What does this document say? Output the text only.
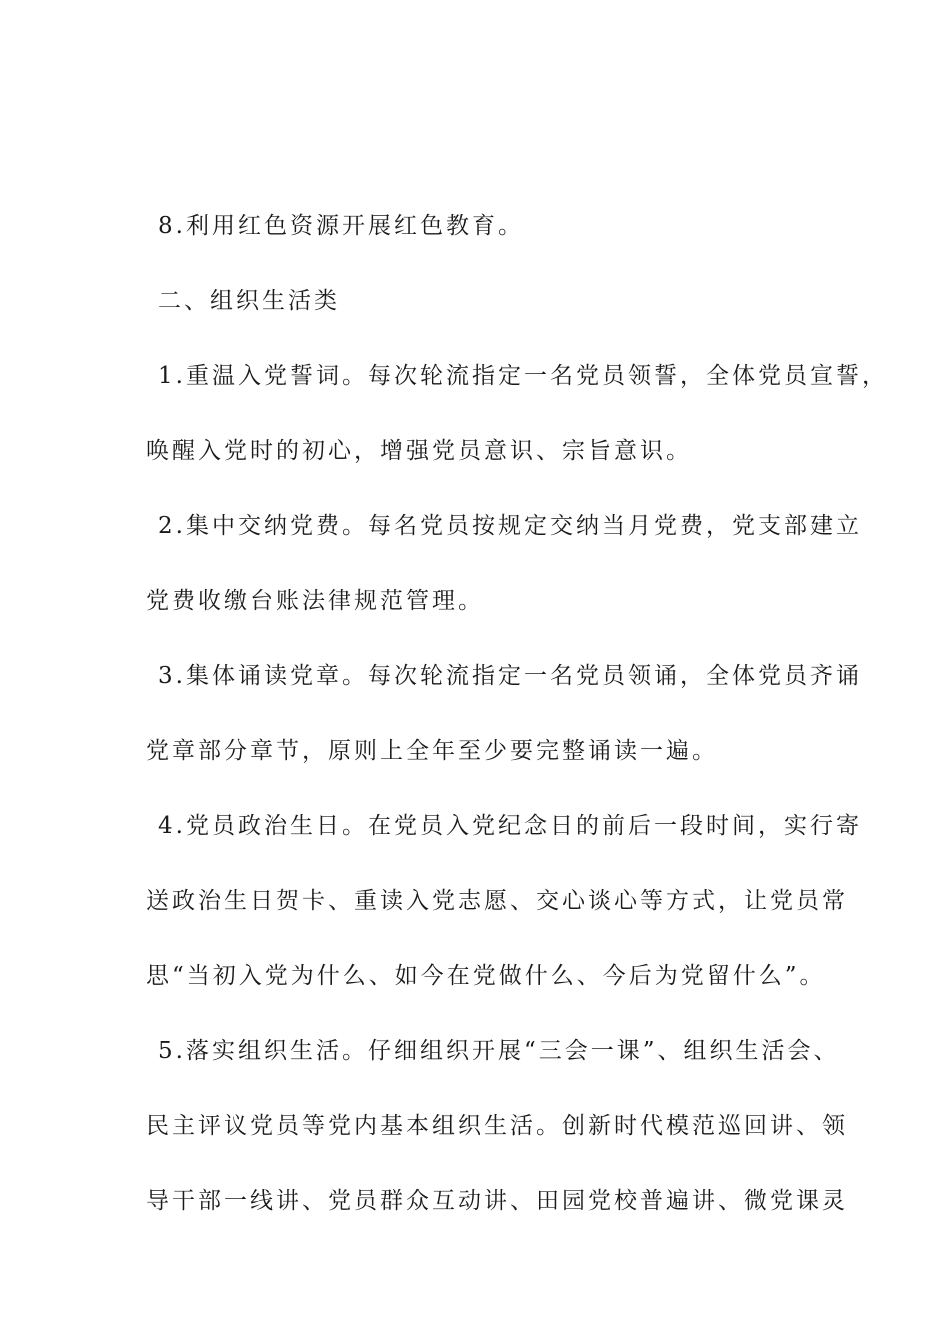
8.利用红色资源开展红色教育。
二、组织生活类
1.重温入党誓词。每次轮流指定一名党员领誓，全体党员宣誓，
唤醒入党时的初心，增强党员意识、宗旨意识。
2.集中交纳党费。每名党员按规定交纳当月党费，党支部建立
党费收缴台账法律规范管理。
3.集体诵读党章。每次轮流指定一名党员领诵，全体党员齐诵
党章部分章节，原则上全年至少要完整诵读一遍。
4.党员政治生日。在党员入党纪念日的前后一段时间，实行寄
送政治生日贺卡、重读入党志愿、交心谈心等方式，让党员常
思“当初入党为什么、如今在党做什么、今后为党留什么”。
5.落实组织生活。仔细组织开展“三会一课”、组织生活会、
民主评议党员等党内基本组织生活。创新时代模范巡回讲、领
导干部一线讲、党员群众互动讲、田园党校普遍讲、微党课灵
